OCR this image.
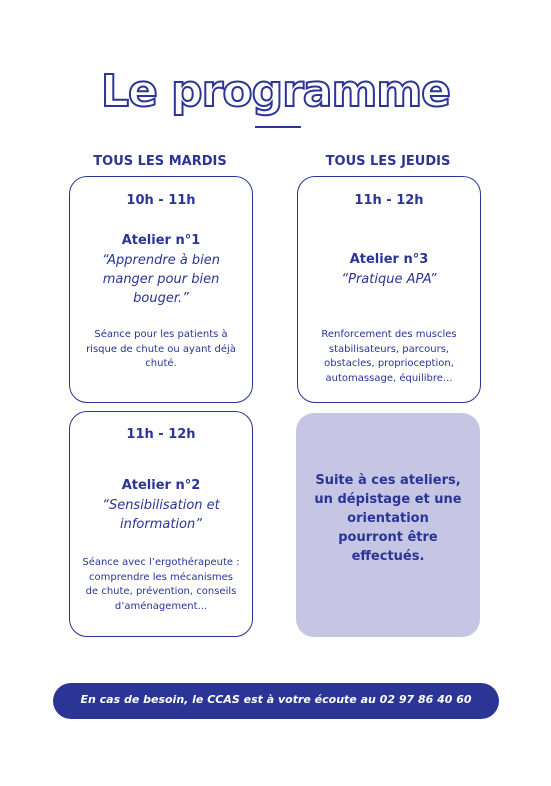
Le programme
TOUS LES MARDIS	TOUS LES JEUDIS
10h - 11h
Atelier n°1
“Apprendre à bien manger pour bien bouger.”
Séance pour les patients à risque de chute ou ayant déjà chuté.
11h - 12h
Atelier n°3
“Pratique APA”
Renforcement des muscles stabilisateurs, parcours, obstacles, proprioception, automassage, équilibre...
11h - 12h
Atelier n°2
“Sensibilisation et information”
Séance avec l’ergothérapeute : comprendre les mécanismes de chute, prévention, conseils d’aménagement...
Suite à ces ateliers, un dépistage et une orientation pourront être effectués.
En cas de besoin, le CCAS est à votre écoute au 02 97 86 40 60
